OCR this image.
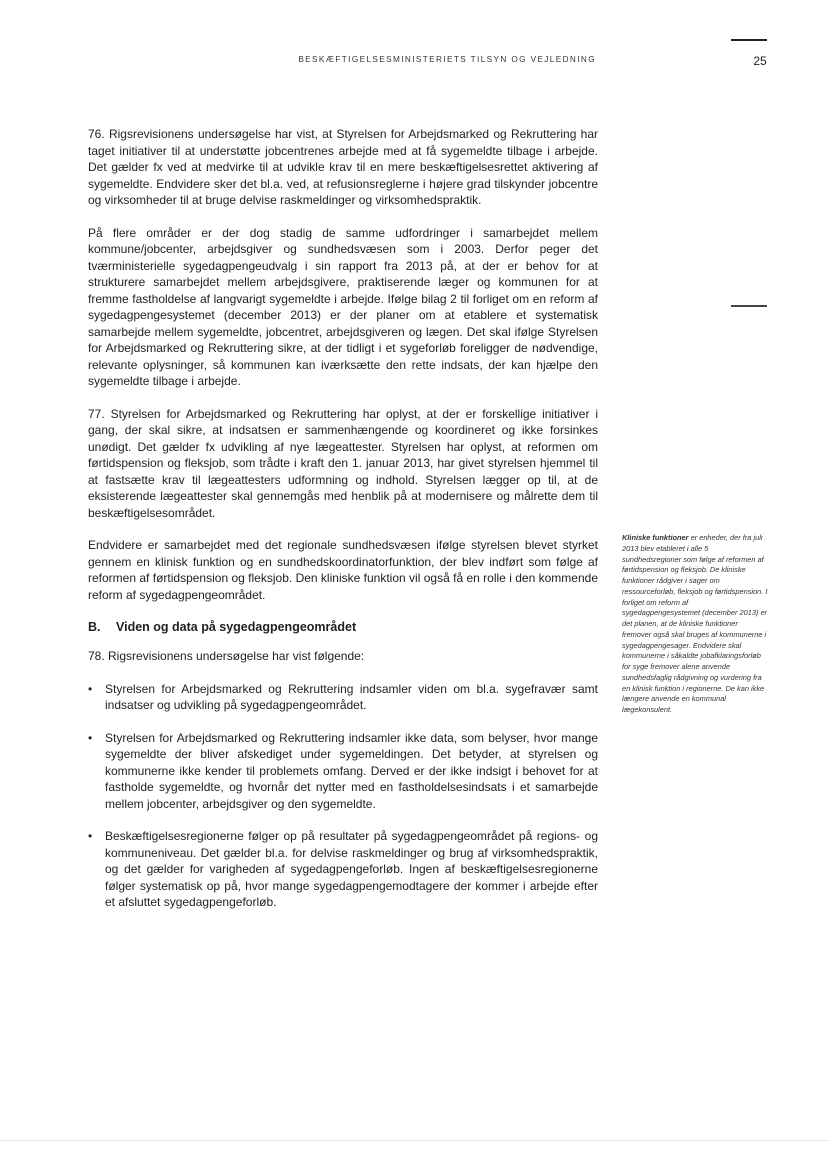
BESKÆFTIGELSESMINISTERIETS TILSYN OG VEJLEDNING	25

76. Rigsrevisionens undersøgelse har vist, at Styrelsen for Arbejdsmarked og Rekruttering har taget initiativer til at understøtte jobcentrenes arbejde med at få sygemeldte tilbage i arbejde. Det gælder fx ved at medvirke til at udvikle krav til en mere beskæftigelsesrettet aktivering af sygemeldte. Endvidere sker det bl.a. ved, at refusionsreglerne i højere grad tilskynder jobcentre og virksomheder til at bruge delvise raskmeldinger og virksomhedspraktik.

På flere områder er der dog stadig de samme udfordringer i samarbejdet mellem kommune/jobcenter, arbejdsgiver og sundhedsvæsen som i 2003. Derfor peger det tværministerielle sygedagpengeudvalg i sin rapport fra 2013 på, at der er behov for at strukturere samarbejdet mellem arbejdsgivere, praktiserende læger og kommunen for at fremme fastholdelse af langvarigt sygemeldte i arbejde. Ifølge bilag 2 til forliget om en reform af sygedagpengesystemet (december 2013) er der planer om at etablere et systematisk samarbejde mellem sygemeldte, jobcentret, arbejdsgiveren og lægen. Det skal ifølge Styrelsen for Arbejdsmarked og Rekruttering sikre, at der tidligt i et sygeforløb foreligger de nødvendige, relevante oplysninger, så kommunen kan iværksætte den rette indsats, der kan hjælpe den sygemeldte tilbage i arbejde.

77. Styrelsen for Arbejdsmarked og Rekruttering har oplyst, at der er forskellige initiativer i gang, der skal sikre, at indsatsen er sammenhængende og koordineret og ikke forsinkes unødigt. Det gælder fx udvikling af nye lægeattester. Styrelsen har oplyst, at reformen om førtidspension og fleksjob, som trådte i kraft den 1. januar 2013, har givet styrelsen hjemmel til at fastsætte krav til lægeattesters udformning og indhold. Styrelsen lægger op til, at de eksisterende lægeattester skal gennemgås med henblik på at modernisere og målrette dem til beskæftigelsesområdet.

Endvidere er samarbejdet med det regionale sundhedsvæsen ifølge styrelsen blevet styrket gennem en klinisk funktion og en sundhedskoordinatorfunktion, der blev indført som følge af reformen af førtidspension og fleksjob. Den kliniske funktion vil også få en rolle i den kommende reform af sygedagpengeområdet.

B. Viden og data på sygedagpengeområdet

78. Rigsrevisionens undersøgelse har vist følgende:

• Styrelsen for Arbejdsmarked og Rekruttering indsamler viden om bl.a. sygefravær samt indsatser og udvikling på sygedagpengeområdet.
• Styrelsen for Arbejdsmarked og Rekruttering indsamler ikke data, som belyser, hvor mange sygemeldte der bliver afskediget under sygemeldingen. Det betyder, at styrelsen og kommunerne ikke kender til problemets omfang. Derved er der ikke indsigt i behovet for at fastholde sygemeldte, og hvornår det nytter med en fastholdelsesindsats i et samarbejde mellem jobcenter, arbejdsgiver og den sygemeldte.
• Beskæftigelsesregionerne følger op på resultater på sygedagpengeområdet på regions- og kommuneniveau. Det gælder bl.a. for delvise raskmeldinger og brug af virksomhedspraktik, og det gælder for varigheden af sygedagpengeforløb. Ingen af beskæftigelsesregionerne følger systematisk op på, hvor mange sygedagpengemodtagere der kommer i arbejde efter et afsluttet sygedagpengeforløb.
Kliniske funktioner er enheder, der fra juli 2013 blev etableret i alle 5 sundhedsregioner som følge af reformen af førtidspension og fleksjob. De kliniske funktioner rådgiver i sager om ressourceforløb, fleksjob og førtidspension. I forliget om reform af sygedagpengesystemet (december 2013) er det planen, at de kliniske funktioner fremover også skal bruges af kommunerne i sygedagpengesager. Endvidere skal kommunerne i såkaldte jobafklaringsforløb for syge fremover alene anvende sundhedsfaglig rådgivning og vurdering fra en klinisk funktion i regionerne. De kan ikke længere anvende en kommunal lægekonsulent.
